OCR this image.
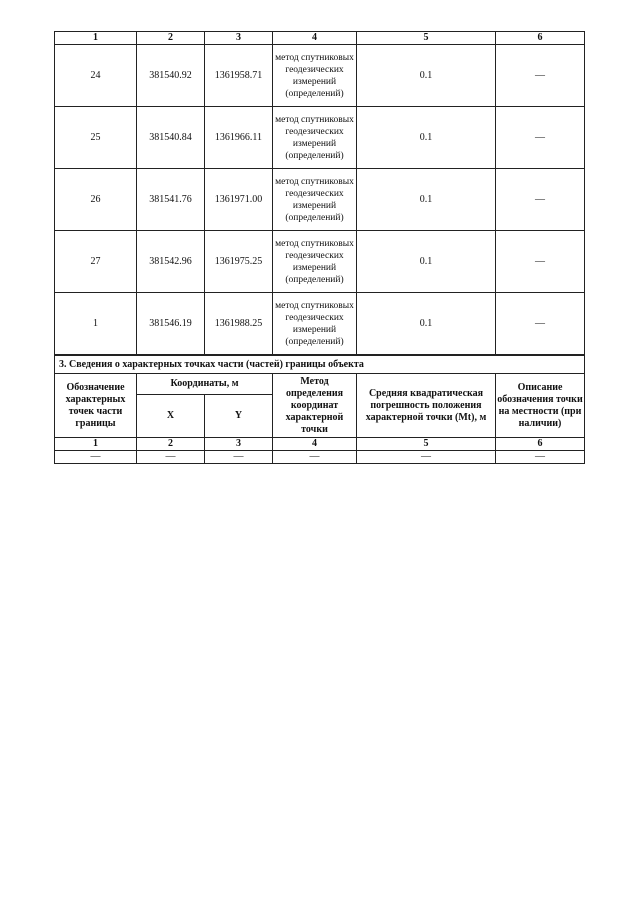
1	2	3	4	5	6
24	381540.92	1361958.71	метод спутниковых геодезических измерений (определений)	0.1	—
25	381540.84	1361966.11	метод спутниковых геодезических измерений (определений)	0.1	—
26	381541.76	1361971.00	метод спутниковых геодезических измерений (определений)	0.1	—
27	381542.96	1361975.25	метод спутниковых геодезических измерений (определений)	0.1	—
1	381546.19	1361988.25	метод спутниковых геодезических измерений (определений)	0.1	—
3. Сведения о характерных точках части (частей) границы объекта					
Обозначение характерных точек части границы	Координаты, м		Метод определения координат характерной точки	Средняя квадратическая погрешность положения характерной точки (Mt), м	Описание обозначения точки на местности (при наличии)
	X	Y			
1	2	3	4	5	6
—	—	—	—	—	—
